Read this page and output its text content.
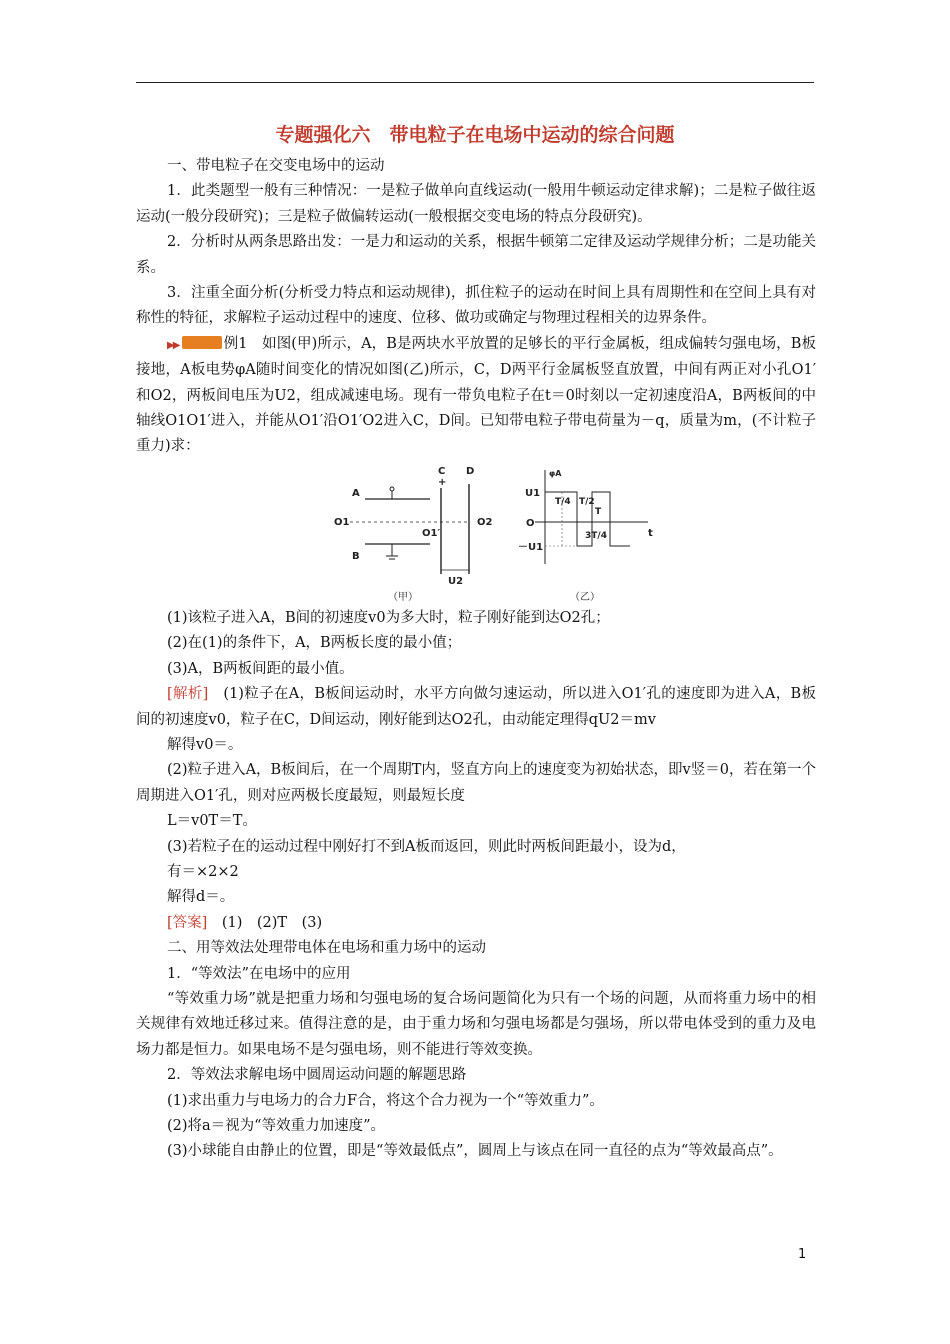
专题强化六　带电粒子在电场中运动的综合问题

一、带电粒子在交变电场中的运动

1．此类题型一般有三种情况：一是粒子做单向直线运动(一般用牛顿运动定律求解)；二是粒子做往返运动(一般分段研究)；三是粒子做偏转运动(一般根据交变电场的特点分段研究)。

2．分析时从两条思路出发：一是力和运动的关系，根据牛顿第二定律及运动学规律分析；二是功能关系。

3．注重全面分析(分析受力特点和运动规律)，抓住粒子的运动在时间上具有周期性和在空间上具有对称性的特征，求解粒子运动过程中的速度、位移、做功或确定与物理过程相关的边界条件。

▶▶	例1　如图(甲)所示，A，B是两块水平放置的足够长的平行金属板，组成偏转匀强电场，B板接地，A板电势φA随时间变化的情况如图(乙)所示，C，D两平行金属板竖直放置，中间有两正对小孔O1′和O2，两板间电压为U2，组成减速电场。现有一带负电粒子在t＝0时刻以一定初速度沿A，B两板间的中轴线O1O1′进入，并能从O1′沿O1′O2进入C，D间。已知带电粒子带电荷量为－q，质量为m，(不计粒子重力)求：

A
O1
O1′
B
C
+
D
O2
U2
（甲）
φA
t
O
U1
－U1
T/4 T/2
T
3T/4
（乙）

(1)该粒子进入A，B间的初速度v0为多大时，粒子刚好能到达O2孔；

(2)在(1)的条件下，A，B两板长度的最小值；

(3)A，B两板间距的最小值。

[解析]　(1)粒子在A，B板间运动时，水平方向做匀速运动，所以进入O1′孔的速度即为进入A，B板间的初速度v0，粒子在C，D间运动，刚好能到达O2孔，由动能定理得qU2＝mv

解得v0＝。

(2)粒子进入A，B板间后，在一个周期T内，竖直方向上的速度变为初始状态，即v竖＝0，若在第一个周期进入O1′孔，则对应两极长度最短，则最短长度

L＝v0T＝T。

(3)若粒子在的运动过程中刚好打不到A板而返回，则此时两板间距最小，设为d，

有＝×2×2

解得d＝。

[答案]　(1)　(2)T　(3)

二、用等效法处理带电体在电场和重力场中的运动

1．“等效法”在电场中的应用

“等效重力场”就是把重力场和匀强电场的复合场问题简化为只有一个场的问题，从而将重力场中的相关规律有效地迁移过来。值得注意的是，由于重力场和匀强电场都是匀强场，所以带电体受到的重力及电场力都是恒力。如果电场不是匀强电场，则不能进行等效变换。

2．等效法求解电场中圆周运动问题的解题思路

(1)求出重力与电场力的合力F合，将这个合力视为一个“等效重力”。

(2)将a＝视为“等效重力加速度”。

(3)小球能自由静止的位置，即是“等效最低点”，圆周上与该点在同一直径的点为“等效最高点”。

1
